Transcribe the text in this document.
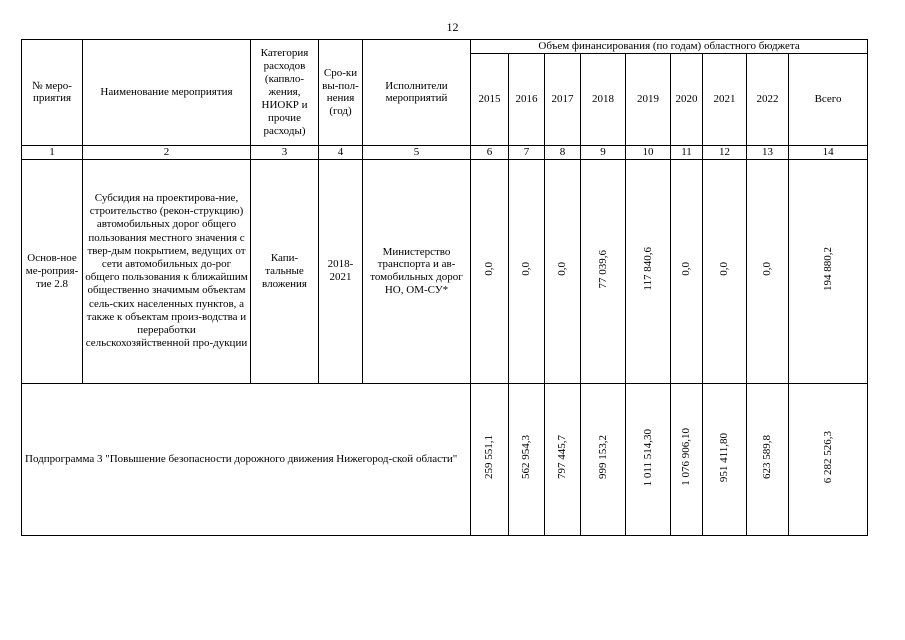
12
№ меро-приятия	Наименование мероприятия	Категория расходов (капвло-жения, НИОКР и прочие расходы)	Сро-ки вы-пол-нения (год)	Исполнители мероприятий	Объем финансирования (по годам) областного бюджета								
					2015	2016	2017	2018	2019	2020	2021	2022	Всего
1	2	3	4	5	6	7	8	9	10	11	12	13	14
Основ-ное ме-роприя-тие 2.8	Субсидия на проектирова-ние, строительство (рекон-струкцию) автомобильных дорог общего пользования местного значения с твер-дым покрытием, ведущих от сети автомобильных до-рог общего пользования к ближайшим общественно значимым объектам сель-ских населенных пунктов, а также к объектам произ-водства и переработки сельскохозяйственной про-дукции	Капи-тальные вложения	2018-2021	Министерство транспорта и ав-томобильных дорог НО, ОМ-СУ*	0,0	0,0	0,0	77 039,6	117 840,6	0,0	0,0	0,0	194 880,2
Подпрограмма 3 "Повышение безопасности дорожного движения Нижегород-ской области"					259 551,1	562 954,3	797 445,7	999 153,2	1 011 514,30	1 076 906,10	951 411,80	623 589,8	6 282 526,3
